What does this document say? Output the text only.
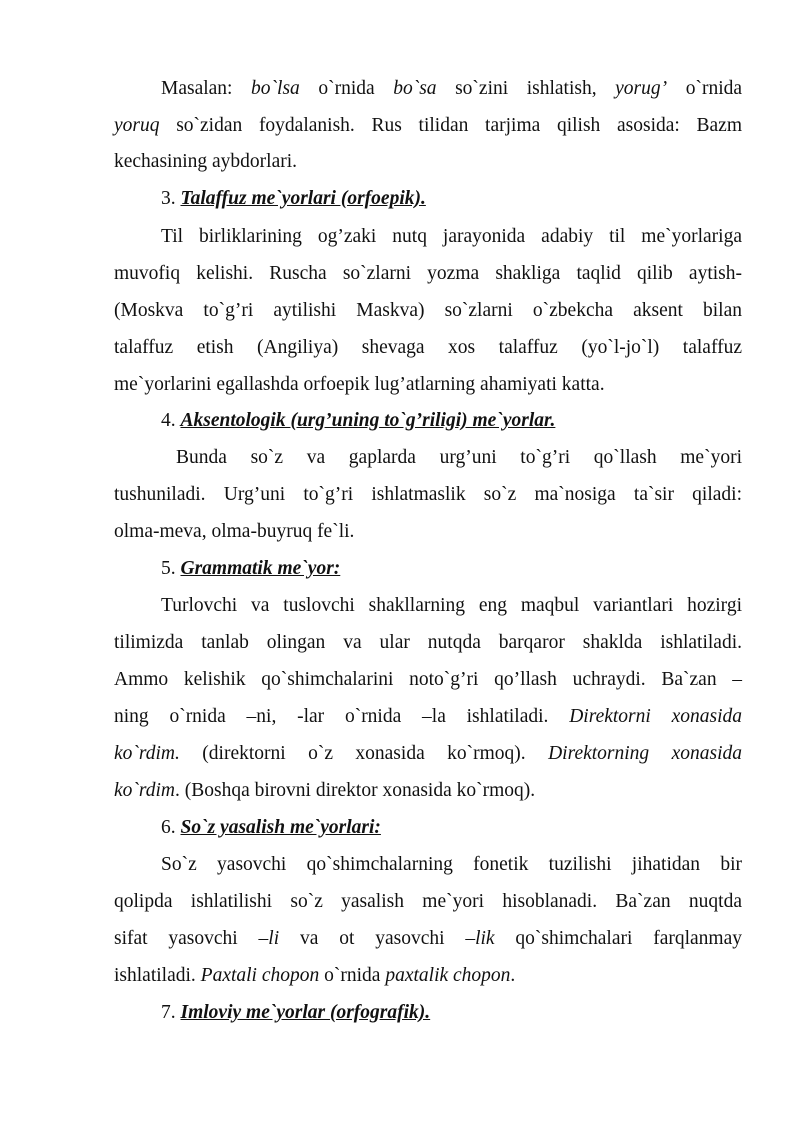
Masalan: bo`lsa o`rnida bo`sa so`zini ishlatish, yorug’ o`rnida
yoruq so`zidan foydalanish. Rus tilidan tarjima qilish asosida: Bazm
kechasining aybdorlari.
3. Talaffuz me`yorlari (orfoepik).
Til birliklarining og’zaki nutq jarayonida adabiy til me`yorlariga
muvofiq kelishi. Ruscha so`zlarni yozma shakliga taqlid qilib aytish-
(Moskva to`g’ri aytilishi Maskva) so`zlarni o`zbekcha aksent bilan
talaffuz etish (Angiliya) shevaga xos talaffuz (yo`l-jo`l) talaffuz
me`yorlarini egallashda orfoepik lug’atlarning ahamiyati katta.
4. Aksentologik (urg’uning to`g’riligi) me`yorlar.
Bunda so`z va gaplarda urg’uni to`g’ri qo`llash me`yori
tushuniladi. Urg’uni to`g’ri ishlatmaslik so`z ma`nosiga ta`sir qiladi:
olma-meva, olma-buyruq fe`li.
5. Grammatik me`yor:
Turlovchi va tuslovchi shakllarning eng maqbul variantlari hozirgi
tilimizda tanlab olingan va ular nutqda barqaror shaklda ishlatiladi.
Ammo kelishik qo`shimchalarini noto`g’ri qo’llash uchraydi. Ba`zan –
ning o`rnida –ni, -lar o`rnida –la ishlatiladi. Direktorni xonasida
ko`rdim. (direktorni o`z xonasida ko`rmoq). Direktorning xonasida
ko`rdim. (Boshqa birovni direktor xonasida ko`rmoq).
6. So`z yasalish me`yorlari:
So`z yasovchi qo`shimchalarning fonetik tuzilishi jihatidan bir
qolipda ishlatilishi so`z yasalish me`yori hisoblanadi. Ba`zan nuqtda
sifat yasovchi –li va ot yasovchi –lik qo`shimchalari farqlanmay
ishlatiladi. Paxtali chopon o`rnida paxtalik chopon.
7. Imloviy me`yorlar (orfografik).
